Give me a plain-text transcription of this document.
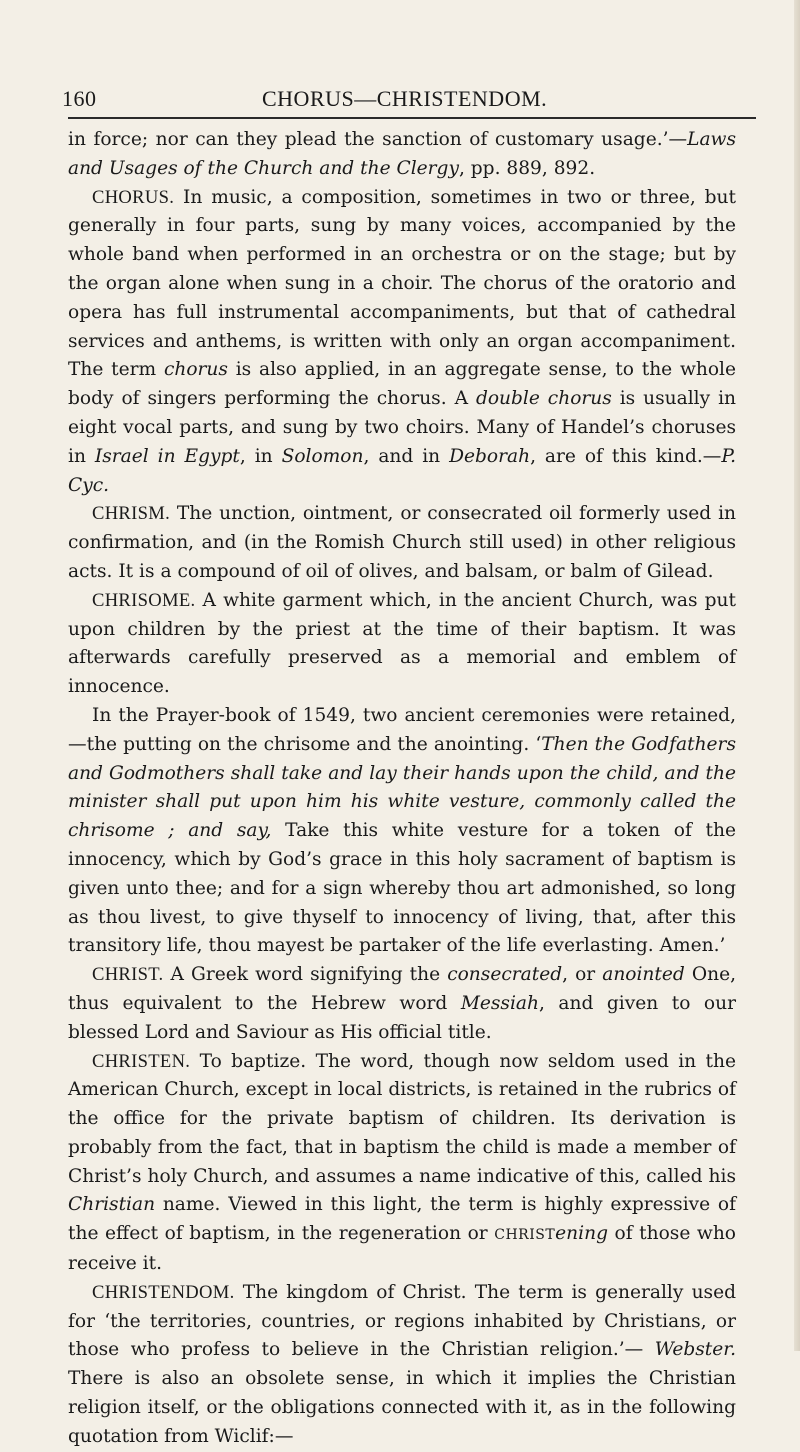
160	CHORUS—CHRISTENDOM.

in force; nor can they plead the sanction of customary usage.’—Laws and Usages of the Church and the Clergy, pp. 889, 892.

CHORUS. In music, a composition, sometimes in two or three, but generally in four parts, sung by many voices, accompanied by the whole band when performed in an orchestra or on the stage; but by the organ alone when sung in a choir. The chorus of the oratorio and opera has full instrumental accompaniments, but that of cathedral services and anthems, is written with only an organ accompaniment. The term chorus is also applied, in an aggregate sense, to the whole body of singers performing the chorus. A double chorus is usually in eight vocal parts, and sung by two choirs. Many of Handel’s choruses in Israel in Egypt, in Solomon, and in Deborah, are of this kind.—P. Cyc.

CHRISM. The unction, ointment, or consecrated oil formerly used in confirmation, and (in the Romish Church still used) in other religious acts. It is a compound of oil of olives, and balsam, or balm of Gilead.

CHRISOME. A white garment which, in the ancient Church, was put upon children by the priest at the time of their baptism. It was afterwards carefully preserved as a memorial and emblem of innocence.

In the Prayer-book of 1549, two ancient ceremonies were retained,—the putting on the chrisome and the anointing. ‘Then the Godfathers and Godmothers shall take and lay their hands upon the child, and the minister shall put upon him his white vesture, commonly called the chrisome ; and say, Take this white vesture for a token of the innocency, which by God’s grace in this holy sacrament of baptism is given unto thee; and for a sign whereby thou art admonished, so long as thou livest, to give thyself to innocency of living, that, after this transitory life, thou mayest be partaker of the life everlasting. Amen.’

CHRIST. A Greek word signifying the consecrated, or anointed One, thus equivalent to the Hebrew word Messiah, and given to our blessed Lord and Saviour as His official title.

CHRISTEN. To baptize. The word, though now seldom used in the American Church, except in local districts, is retained in the rubrics of the office for the private baptism of children. Its derivation is probably from the fact, that in baptism the child is made a member of Christ’s holy Church, and assumes a name indicative of this, called his Christian name. Viewed in this light, the term is highly expressive of the effect of baptism, in the regeneration or CHRISTening of those who receive it.

CHRISTENDOM. The kingdom of Christ. The term is generally used for ‘the territories, countries, or regions inhabited by Christians, or those who profess to believe in the Christian religion.’— Webster. There is also an obsolete sense, in which it implies the Christian religion itself, or the obligations connected with it, as in the following quotation from Wiclif:—
